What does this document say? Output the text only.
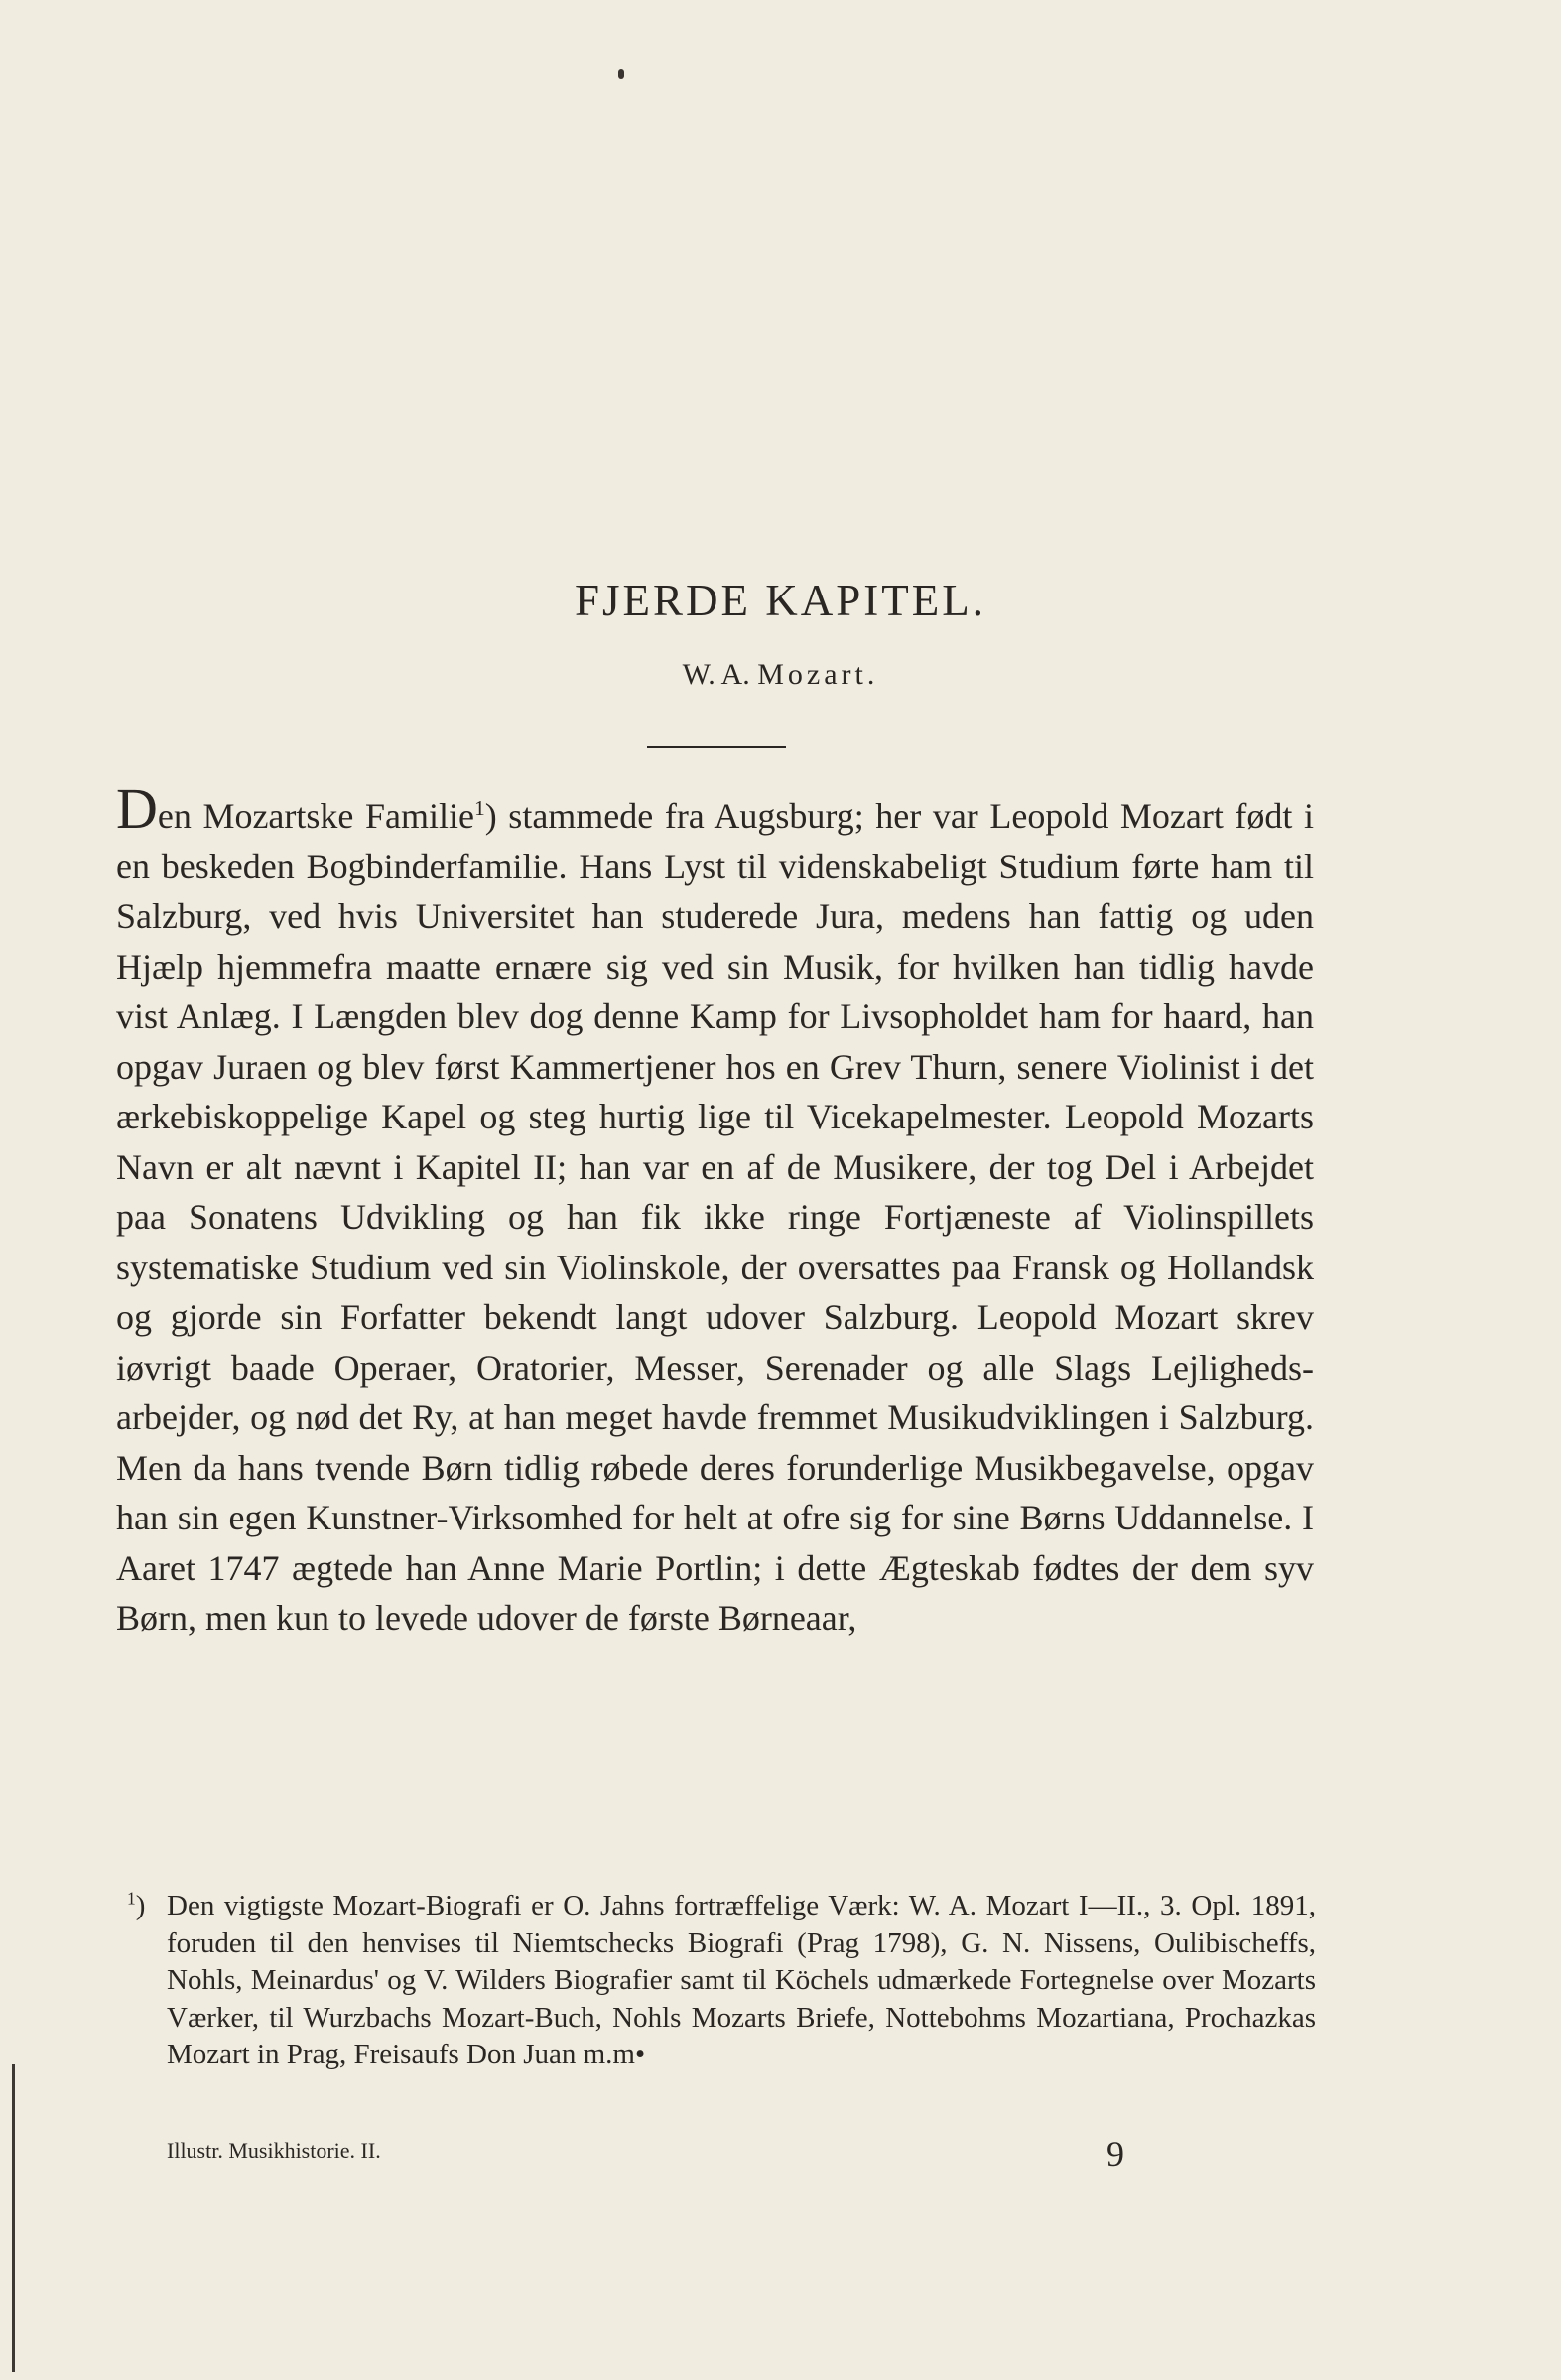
FJERDE KAPITEL.
W. A. Mozart.

Den Mozartske Familie$^1$) stammede fra Augsburg; her var Leopold Mozart født i en beskeden Bogbinderfamilie. Hans Lyst til videnskabeligt Studium førte ham til Salzburg, ved hvis Universitet han studerede Jura, medens han fattig og uden Hjælp hjemmefra maatte ernære sig ved sin Musik, for hvilken han tidlig havde vist Anlæg. I Længden blev dog denne Kamp for Livsopholdet ham for haard, han opgav Juraen og blev først Kammertjener hos en Grev Thurn, senere Violinist i det ærkebiskoppelige Kapel og steg hurtig lige til Vicekapelmester. Leopold Mozarts Navn er alt nævnt i Kapitel II; han var en af de Musikere, der tog Del i Arbejdet paa Sonatens Udvikling og han fik ikke ringe Fortjæneste af Violinspillets systematiske Studium ved sin Violinskole, der oversattes paa Fransk og Hollandsk og gjorde sin Forfatter bekendt langt udover Salzburg. Leopold Mozart skrev iøvrigt baade Operaer, Oratorier, Messer, Serenader og alle Slags Lejlighedsarbejder, og nød det Ry, at han meget havde fremmet Musikudviklingen i Salzburg. Men da hans tvende Børn tidlig røbede deres forunderlige Musikbegavelse, opgav han sin egen Kunstner-Virksomhed for helt at ofre sig for sine Børns Uddannelse. I Aaret 1747 ægtede han Anne Marie Portlin; i dette Ægteskab fødtes der dem syv Børn, men kun to levede udover de første Børneaar,

$^1$) Den vigtigste Mozart-Biografi er O. Jahns fortræffelige Værk: W. A. Mozart I—II., 3. Opl. 1891, foruden til den henvises til Niemtschecks Biografi (Prag 1798), G. N. Nissens, Oulibischeffs, Nohls, Meinardus' og V. Wilders Biografier samt til Köchels udmærkede Fortegnelse over Mozarts Værker, til Wurzbachs Mozart-Buch, Nohls Mozarts Briefe, Nottebohms Mozartiana, Prochazkas Mozart in Prag, Freisaufs Don Juan m.m•

Illustr. Musikhistorie. II.	9
